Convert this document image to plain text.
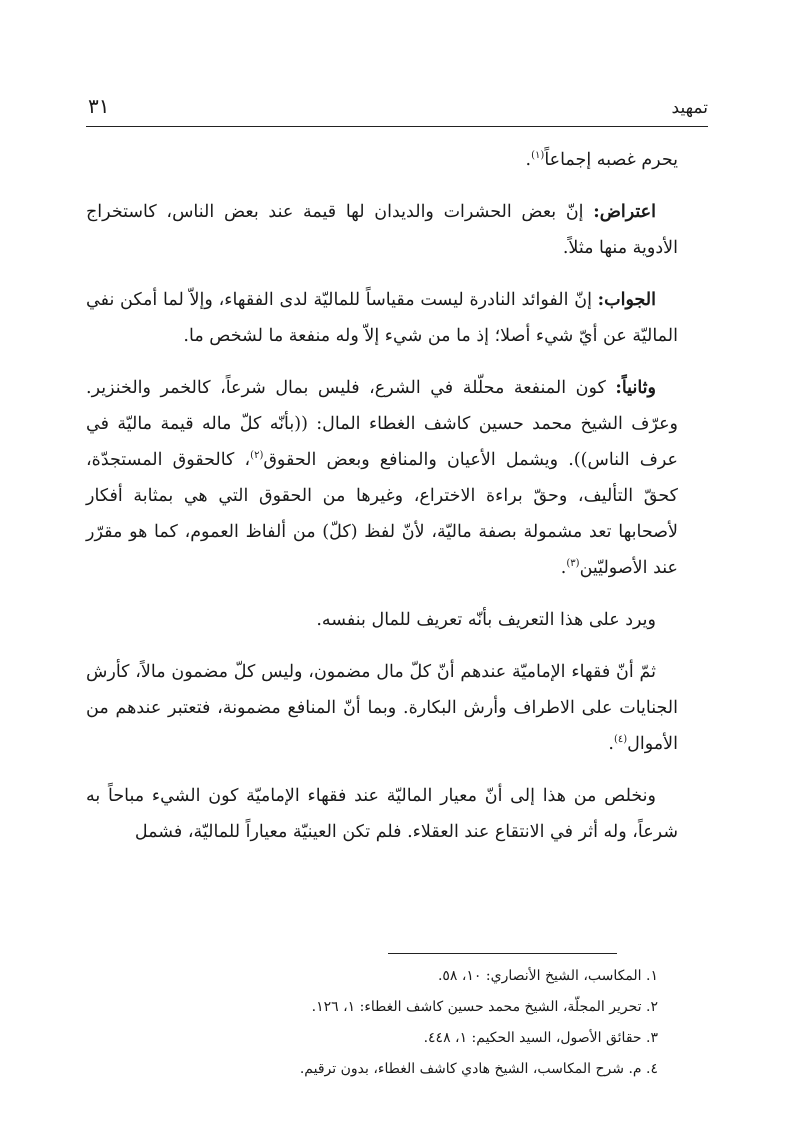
تمهيد
٣١

يحرم غصبه إجماعاً$^{(١)}$.

اعتراض: إنّ بعض الحشرات والديدان لها قيمة عند بعض الناس، كاستخراج الأدوية منها مثلاً.

الجواب: إنّ الفوائد النادرة ليست مقياساً للماليّة لدى الفقهاء، وإلاّ لما أمكن نفي الماليّة عن أيّ شيء أصلا؛ إذ ما من شيء إلاّ وله منفعة ما لشخص ما.

وثانياً: كون المنفعة محلّلة في الشرع، فليس بمال شرعاً، كالخمر والخنزير. وعرّف الشيخ محمد حسين كاشف الغطاء المال: ((بأنّه كلّ ماله قيمة ماليّة في عرف الناس)). ويشمل الأعيان والمنافع وبعض الحقوق$^{(٢)}$، كالحقوق المستجدّة، كحقّ التأليف، وحقّ براءة الاختراع، وغيرها من الحقوق التي هي بمثابة أفكار لأصحابها تعد مشمولة بصفة ماليّة، لأنّ لفظ (كلّ) من ألفاظ العموم، كما هو مقرّر عند الأصوليّين$^{(٣)}$.

ويرد على هذا التعريف بأنّه تعريف للمال بنفسه.

ثمّ أنّ فقهاء الإماميّة عندهم أنّ كلّ مال مضمون، وليس كلّ مضمون مالاً، كأرش الجنايات على الاطراف وأرش البكارة. وبما أنّ المنافع مضمونة، فتعتبر عندهم من الأموال$^{(٤)}$.

ونخلص من هذا إلى أنّ معيار الماليّة عند فقهاء الإماميّة كون الشيء مباحاً به شرعاً، وله أثر في الانتقاع عند العقلاء. فلم تكن العينيّة معياراً للماليّة، فشمل

١. المكاسب، الشيخ الأنصاري: ١٠، ٥٨.

٢. تحرير المجلّة، الشيخ محمد حسين كاشف الغطاء: ١، ١٢٦.

٣. حقائق الأصول، السيد الحكيم: ١، ٤٤٨.

٤. م. شرح المكاسب، الشيخ هادي كاشف الغطاء، بدون ترقيم.
